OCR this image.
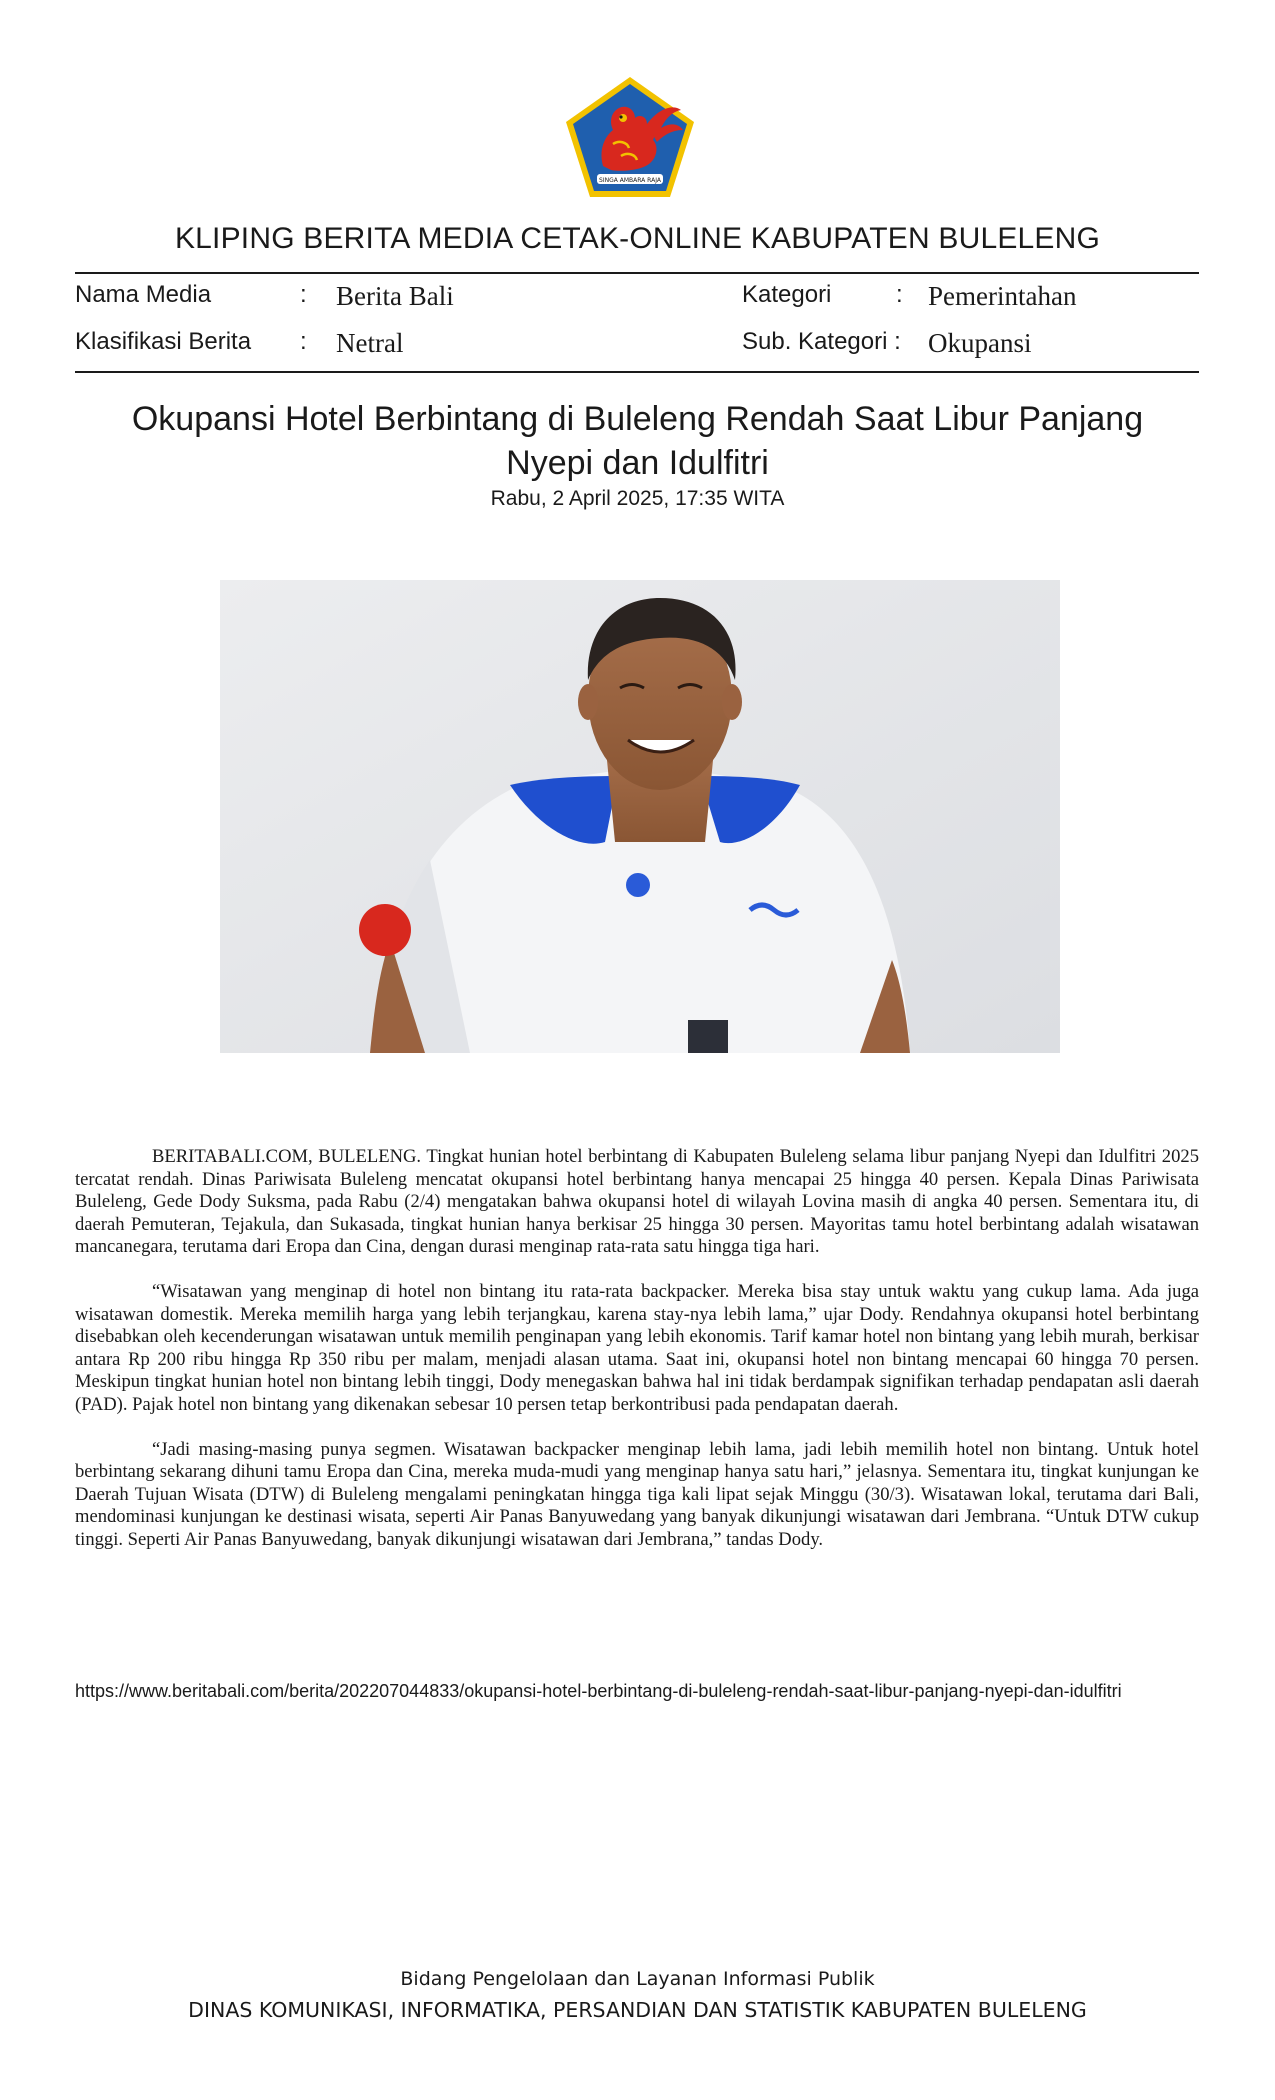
SINGA AMBARA RAJA
KLIPING BERITA MEDIA CETAK-ONLINE KABUPATEN BULELENG
Nama Media	: Berita Bali	Kategori	: Pemerintahan
Klasifikasi Berita : Netral	Sub. Kategori : Okupansi
Okupansi Hotel Berbintang di Buleleng Rendah Saat Libur Panjang Nyepi dan Idulfitri
Rabu, 2 April 2025, 17:35 WITA

BERITABALI.COM, BULELENG. Tingkat hunian hotel berbintang di Kabupaten Buleleng selama libur panjang Nyepi dan Idulfitri 2025 tercatat rendah. Dinas Pariwisata Buleleng mencatat okupansi hotel berbintang hanya mencapai 25 hingga 40 persen. Kepala Dinas Pariwisata Buleleng, Gede Dody Suksma, pada Rabu (2/4) mengatakan bahwa okupansi hotel di wilayah Lovina masih di angka 40 persen. Sementara itu, di daerah Pemuteran, Tejakula, dan Sukasada, tingkat hunian hanya berkisar 25 hingga 30 persen. Mayoritas tamu hotel berbintang adalah wisatawan mancanegara, terutama dari Eropa dan Cina, dengan durasi menginap rata-rata satu hingga tiga hari.

“Wisatawan yang menginap di hotel non bintang itu rata-rata backpacker. Mereka bisa stay untuk waktu yang cukup lama. Ada juga wisatawan domestik. Mereka memilih harga yang lebih terjangkau, karena stay-nya lebih lama,” ujar Dody. Rendahnya okupansi hotel berbintang disebabkan oleh kecenderungan wisatawan untuk memilih penginapan yang lebih ekonomis. Tarif kamar hotel non bintang yang lebih murah, berkisar antara Rp 200 ribu hingga Rp 350 ribu per malam, menjadi alasan utama. Saat ini, okupansi hotel non bintang mencapai 60 hingga 70 persen. Meskipun tingkat hunian hotel non bintang lebih tinggi, Dody menegaskan bahwa hal ini tidak berdampak signifikan terhadap pendapatan asli daerah (PAD). Pajak hotel non bintang yang dikenakan sebesar 10 persen tetap berkontribusi pada pendapatan daerah.

“Jadi masing-masing punya segmen. Wisatawan backpacker menginap lebih lama, jadi lebih memilih hotel non bintang. Untuk hotel berbintang sekarang dihuni tamu Eropa dan Cina, mereka muda-mudi yang menginap hanya satu hari,” jelasnya. Sementara itu, tingkat kunjungan ke Daerah Tujuan Wisata (DTW) di Buleleng mengalami peningkatan hingga tiga kali lipat sejak Minggu (30/3). Wisatawan lokal, terutama dari Bali, mendominasi kunjungan ke destinasi wisata, seperti Air Panas Banyuwedang yang banyak dikunjungi wisatawan dari Jembrana. “Untuk DTW cukup tinggi. Seperti Air Panas Banyuwedang, banyak dikunjungi wisatawan dari Jembrana,” tandas Dody.

https://www.beritabali.com/berita/202207044833/okupansi-hotel-berbintang-di-buleleng-rendah-saat-libur-panjang-nyepi-dan-idulfitri
Bidang Pengelolaan dan Layanan Informasi Publik
DINAS KOMUNIKASI, INFORMATIKA, PERSANDIAN DAN STATISTIK KABUPATEN BULELENG
